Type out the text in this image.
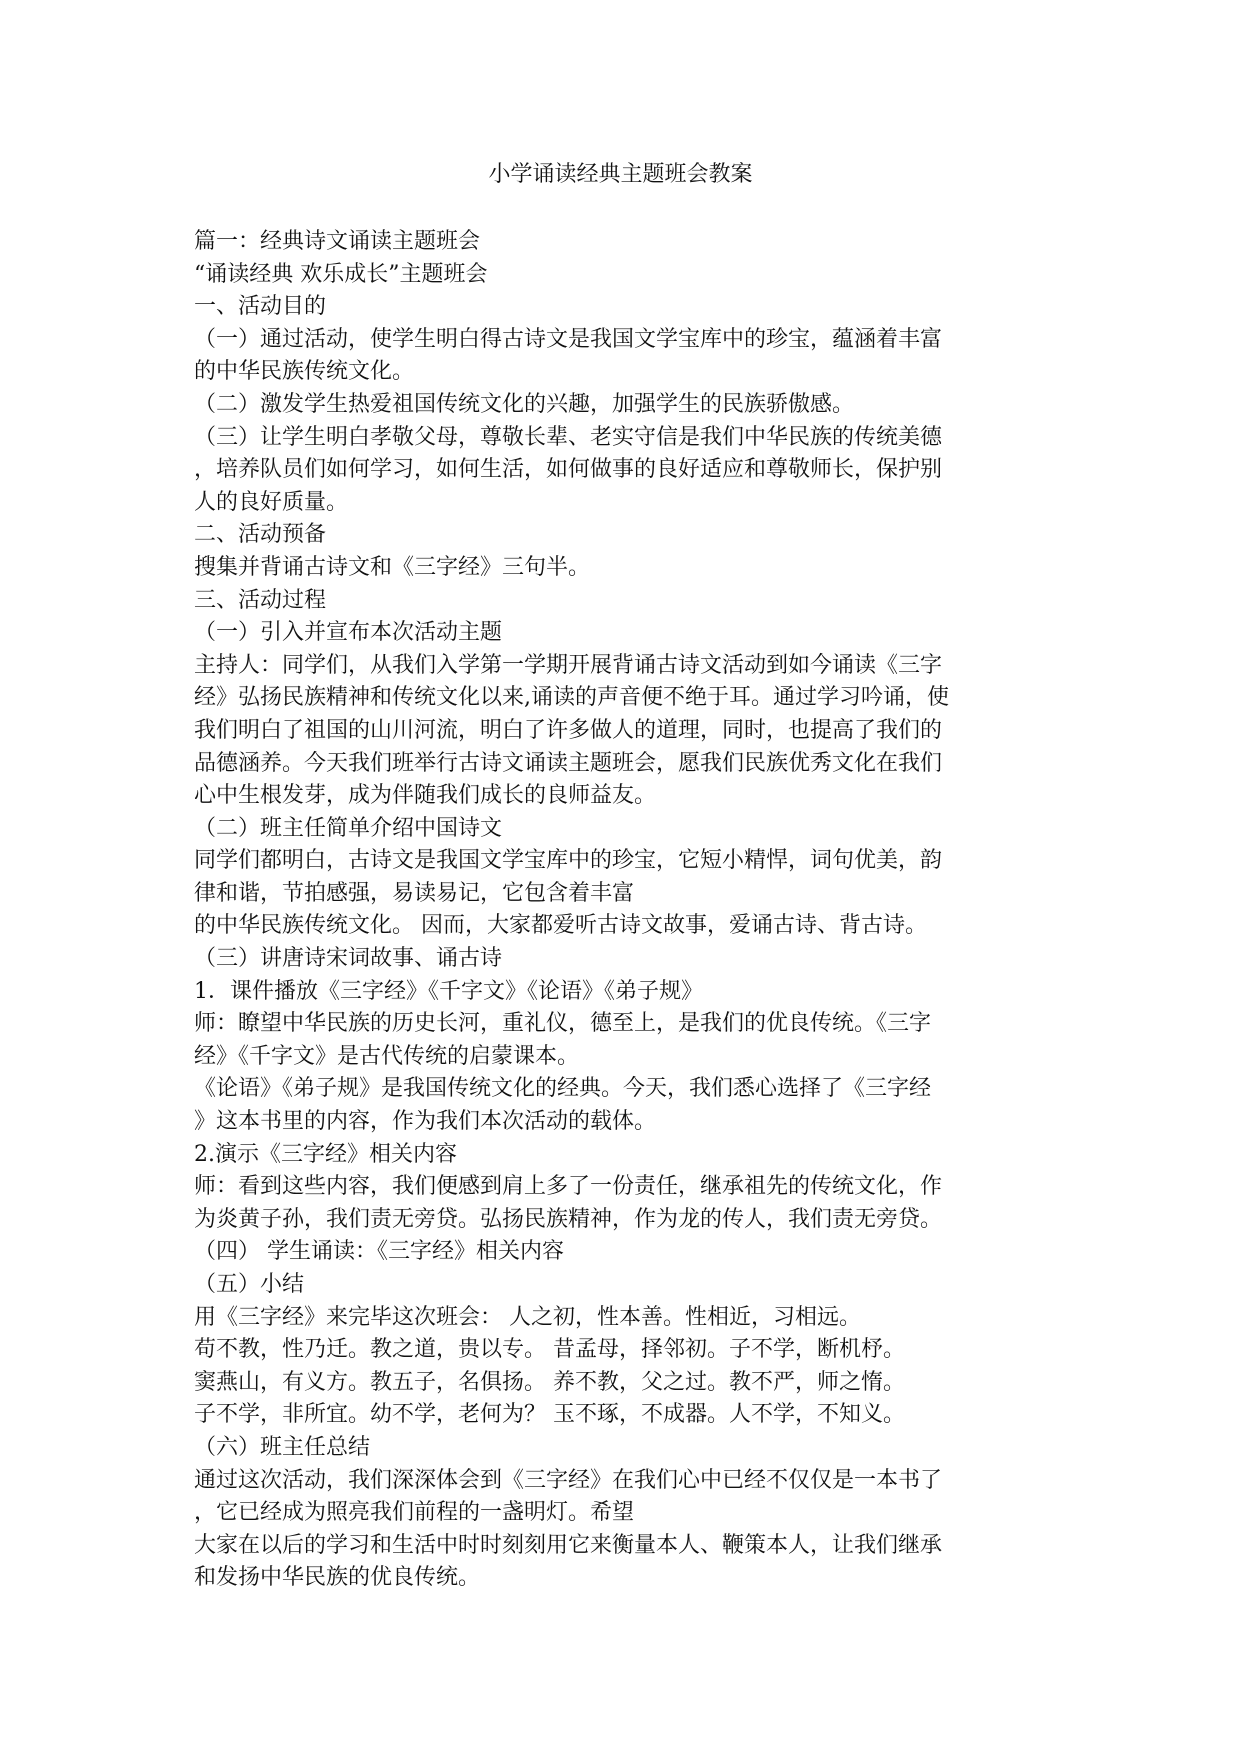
小学诵读经典主题班会教案
篇一：经典诗文诵读主题班会
“诵读经典 欢乐成长”主题班会
一、活动目的
（一）通过活动，使学生明白得古诗文是我国文学宝库中的珍宝，蕴涵着丰富
的中华民族传统文化。
（二）激发学生热爱祖国传统文化的兴趣，加强学生的民族骄傲感。
（三）让学生明白孝敬父母，尊敬长辈、老实守信是我们中华民族的传统美德
，培养队员们如何学习，如何生活，如何做事的良好适应和尊敬师长，保护别
人的良好质量。
二、活动预备
搜集并背诵古诗文和《三字经》三句半。
三、活动过程
（一）引入并宣布本次活动主题
主持人：同学们，从我们入学第一学期开展背诵古诗文活动到如今诵读《三字
经》弘扬民族精神和传统文化以来,诵读的声音便不绝于耳。通过学习吟诵，使
我们明白了祖国的山川河流，明白了许多做人的道理，同时，也提高了我们的
品德涵养。今天我们班举行古诗文诵读主题班会，愿我们民族优秀文化在我们
心中生根发芽，成为伴随我们成长的良师益友。
（二）班主任简单介绍中国诗文
同学们都明白，古诗文是我国文学宝库中的珍宝，它短小精悍，词句优美，韵
律和谐，节拍感强，易读易记，它包含着丰富
的中华民族传统文化。 因而，大家都爱听古诗文故事，爱诵古诗、背古诗。
（三）讲唐诗宋词故事、诵古诗
1．课件播放《三字经》《千字文》《论语》《弟子规》
师：瞭望中华民族的历史长河，重礼仪，德至上，是我们的优良传统。《三字
经》《千字文》是古代传统的启蒙课本。
《论语》《弟子规》是我国传统文化的经典。今天，我们悉心选择了《三字经
》这本书里的内容，作为我们本次活动的载体。
2.演示《三字经》相关内容
师：看到这些内容，我们便感到肩上多了一份责任，继承祖先的传统文化，作
为炎黄子孙，我们责无旁贷。弘扬民族精神，作为龙的传人，我们责无旁贷。
（四） 学生诵读：《三字经》相关内容
（五）小结
用《三字经》来完毕这次班会： 人之初，性本善。性相近，习相远。
苟不教，性乃迁。教之道，贵以专。 昔孟母，择邻初。子不学，断机杼。
窦燕山，有义方。教五子，名俱扬。 养不教，父之过。教不严，师之惰。
子不学，非所宜。幼不学，老何为？ 玉不琢，不成器。人不学，不知义。
（六）班主任总结
通过这次活动，我们深深体会到《三字经》在我们心中已经不仅仅是一本书了
，它已经成为照亮我们前程的一盏明灯。希望
大家在以后的学习和生活中时时刻刻用它来衡量本人、鞭策本人，让我们继承
和发扬中华民族的优良传统。
